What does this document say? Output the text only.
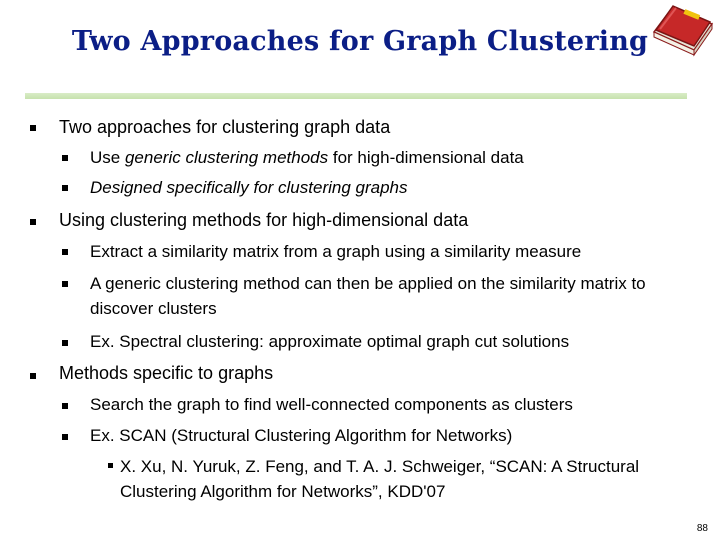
Two Approaches for Graph Clustering
Two approaches for clustering graph data
Use generic clustering methods for high-dimensional data
Designed specifically for clustering graphs
Using clustering methods for high-dimensional data
Extract a similarity matrix from a graph using a similarity measure
A generic clustering method can then be applied on the similarity matrix to discover clusters
Ex. Spectral clustering: approximate optimal graph cut solutions
Methods specific to graphs
Search the graph to find well-connected components as clusters
Ex. SCAN (Structural Clustering Algorithm for Networks)
X. Xu, N. Yuruk, Z. Feng, and T. A. J. Schweiger, “SCAN: A Structural Clustering Algorithm for Networks”, KDD'07
88
